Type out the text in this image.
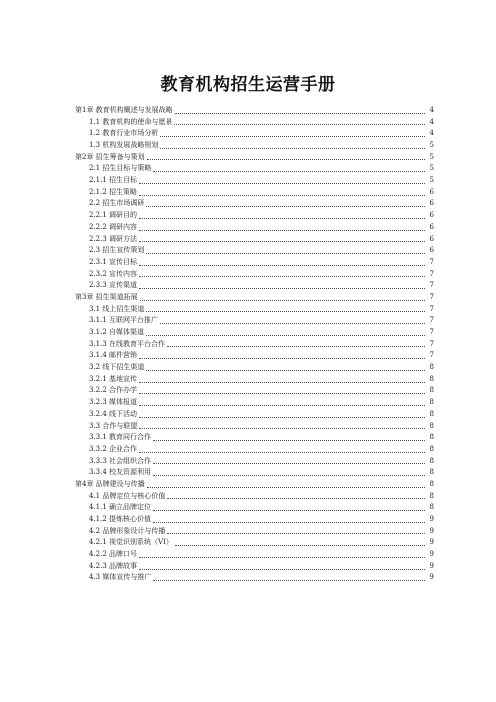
教育机构招生运营手册
第1章 教育机构概述与发展战略	4
1.1 教育机构的使命与愿景	4
1.2 教育行业市场分析	4
1.3 机构发展战略规划	5
第2章 招生筹备与策划	5
2.1 招生目标与策略	5
2.1.1 招生目标	5
2.1.2 招生策略	6
2.2 招生市场调研	6
2.2.1 调研目的	6
2.2.2 调研内容	6
2.2.3 调研方法	6
2.3 招生宣传策划	6
2.3.1 宣传目标	7
2.3.2 宣传内容	7
2.3.3 宣传渠道	7
第3章 招生渠道拓展	7
3.1 线上招生渠道	7
3.1.1 互联网平台推广	7
3.1.2 自媒体渠道	7
3.1.3 在线教育平台合作	7
3.1.4 邮件营销	7
3.2 线下招生渠道	8
3.2.1 基地宣传	8
3.2.2 合作办学	8
3.2.3 媒体报道	8
3.2.4 线下活动	8
3.3 合作与联盟	8
3.3.1 教育同行合作	8
3.3.2 企业合作	8
3.3.3 社会组织合作	8
3.3.4 校友资源利用	8
第4章 品牌建设与传播	8
4.1 品牌定位与核心价值	8
4.1.1 确立品牌定位	8
4.1.2 提炼核心价值	9
4.2 品牌形象设计与传播	9
4.2.1 视觉识别系统（VI）	9
4.2.2 品牌口号	9
4.2.3 品牌故事	9
4.3 媒体宣传与推广	9
